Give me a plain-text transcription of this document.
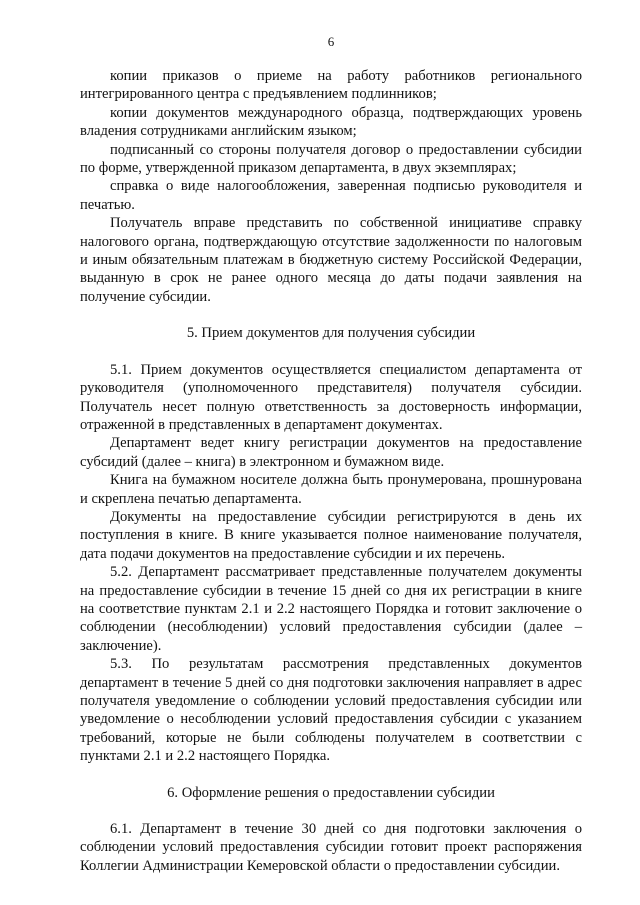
6

копии приказов о приеме на работу работников регионального интегрированного центра с предъявлением подлинников;

копии документов международного образца, подтверждающих уровень владения сотрудниками английским языком;

подписанный со стороны получателя договор о предоставлении субсидии по форме, утвержденной приказом департамента, в двух экземплярах;

справка о виде налогообложения, заверенная подписью руководителя и печатью.

Получатель вправе представить по собственной инициативе справку налогового органа, подтверждающую отсутствие задолженности по налоговым и иным обязательным платежам в бюджетную систему Российской Федерации, выданную в срок не ранее одного месяца до даты подачи заявления на получение субсидии.

5. Прием документов для получения субсидии

5.1. Прием документов осуществляется специалистом департамента от руководителя (уполномоченного представителя) получателя субсидии. Получатель несет полную ответственность за достоверность информации, отраженной в представленных в департамент документах.

Департамент ведет книгу регистрации документов на предоставление субсидий (далее – книга) в электронном и бумажном виде.

Книга на бумажном носителе должна быть пронумерована, прошнурована и скреплена печатью департамента.

Документы на предоставление субсидии регистрируются в день их поступления в книге. В книге указывается полное наименование получателя, дата подачи документов на предоставление субсидии и их перечень.

5.2. Департамент рассматривает представленные получателем документы на предоставление субсидии в течение 15 дней со дня их регистрации в книге на соответствие пунктам 2.1 и 2.2 настоящего Порядка и готовит заключение о соблюдении (несоблюдении) условий предоставления субсидии (далее – заключение).

5.3. По результатам рассмотрения представленных документов департамент в течение 5 дней со дня подготовки заключения направляет в адрес получателя уведомление о соблюдении условий предоставления субсидии или уведомление о несоблюдении условий предоставления субсидии с указанием требований, которые не были соблюдены получателем в соответствии с пунктами 2.1 и 2.2 настоящего Порядка.

6. Оформление решения о предоставлении субсидии

6.1. Департамент в течение 30 дней со дня подготовки заключения о соблюдении условий предоставления субсидии готовит проект распоряжения Коллегии Администрации Кемеровской области о предоставлении субсидии.
